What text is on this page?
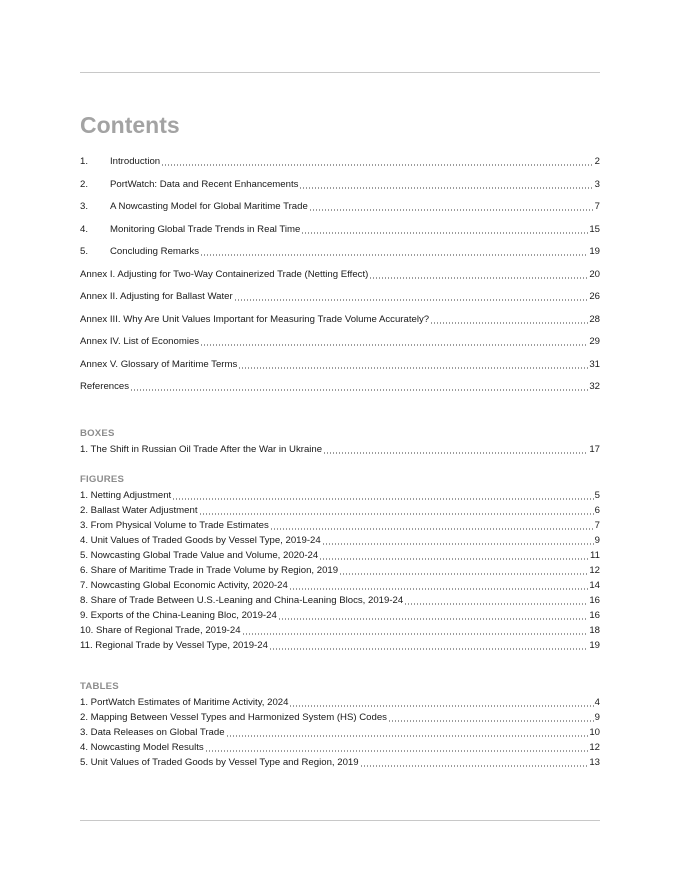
Contents
1.	Introduction	2
2.	PortWatch: Data and Recent Enhancements	3
3.	A Nowcasting Model for Global Maritime Trade	7
4.	Monitoring Global Trade Trends in Real Time	15
5.	Concluding Remarks	19
Annex I. Adjusting for Two-Way Containerized Trade (Netting Effect)	20
Annex II. Adjusting for Ballast Water	26
Annex III. Why Are Unit Values Important for Measuring Trade Volume Accurately?	28
Annex IV. List of Economies	29
Annex V. Glossary of Maritime Terms	31
References	32
BOXES
1. The Shift in Russian Oil Trade After the War in Ukraine	17
FIGURES
1. Netting Adjustment	5
2. Ballast Water Adjustment	6
3. From Physical Volume to Trade Estimates	7
4. Unit Values of Traded Goods by Vessel Type, 2019-24	9
5. Nowcasting Global Trade Value and Volume, 2020-24	11
6. Share of Maritime Trade in Trade Volume by Region, 2019	12
7. Nowcasting Global Economic Activity, 2020-24	14
8. Share of Trade Between U.S.-Leaning and China-Leaning Blocs, 2019-24	16
9. Exports of the China-Leaning Bloc, 2019-24	16
10. Share of Regional Trade, 2019-24	18
11. Regional Trade by Vessel Type, 2019-24	19
TABLES
1. PortWatch Estimates of Maritime Activity, 2024	4
2. Mapping Between Vessel Types and Harmonized System (HS) Codes	9
3. Data Releases on Global Trade	10
4. Nowcasting Model Results	12
5. Unit Values of Traded Goods by Vessel Type and Region, 2019	13
